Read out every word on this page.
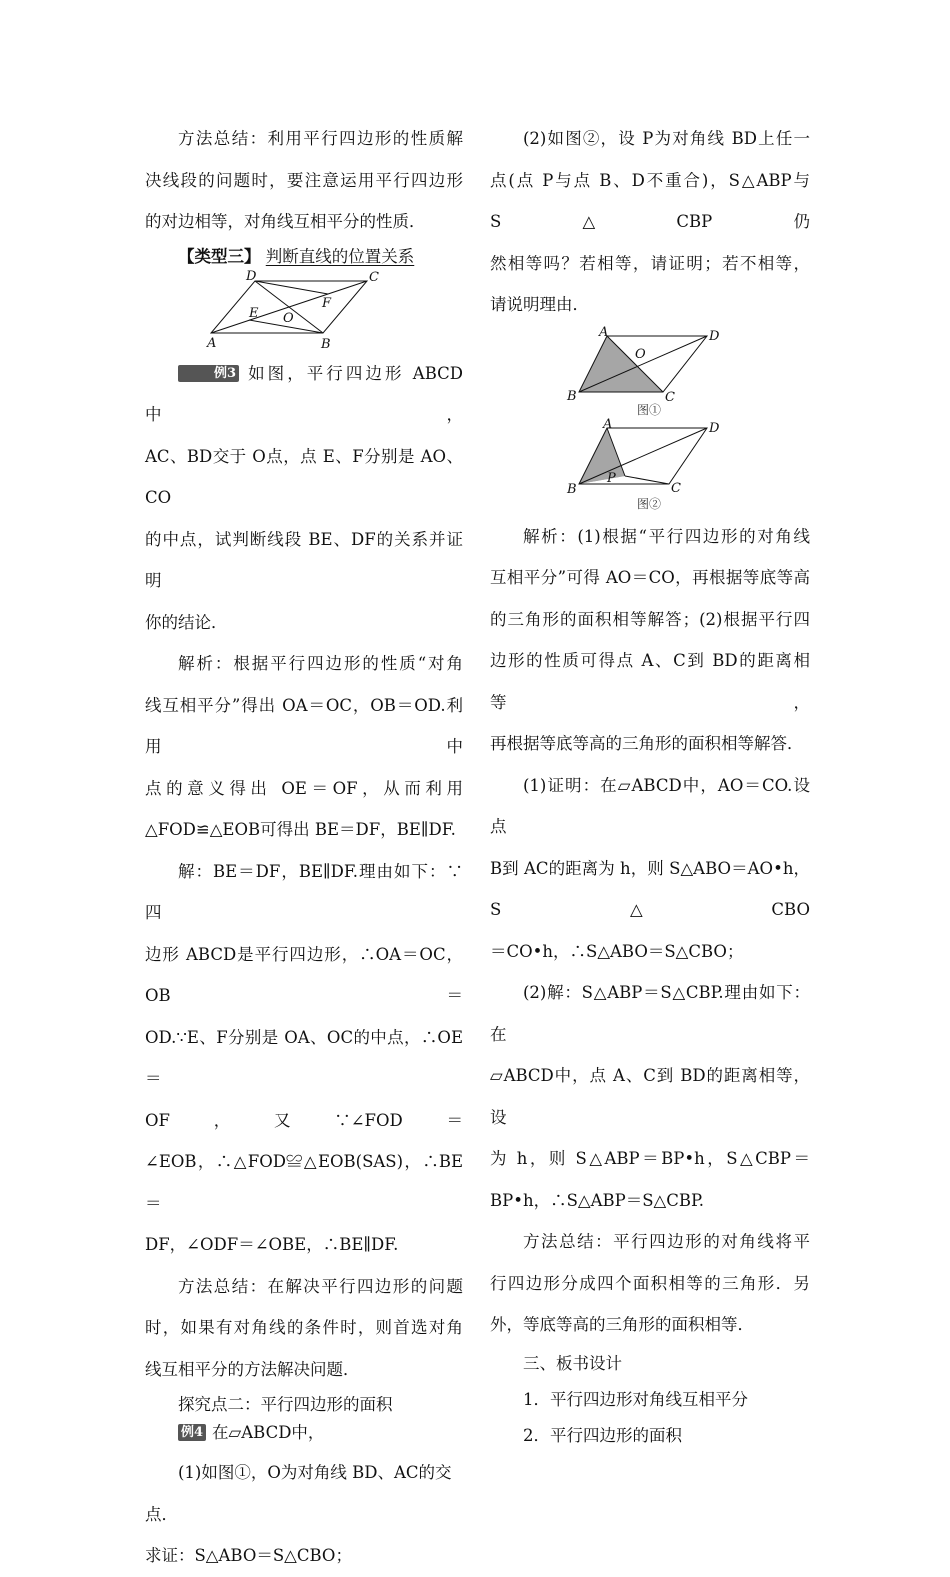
方法总结：利用平行四边形的性质解

决线段的问题时，要注意运用平行四边形

的对边相等，对角线互相平分的性质．

【类型三】 判断直线的位置关系

D	C
A	B
E O
F

例3 如图，平行四边形 ABCD 中，

AC、BD交于 O点，点 E、F分别是 AO、CO

的中点，试判断线段 BE、DF的关系并证明

你的结论．

解析：根据平行四边形的性质“对角

线互相平分”得出 OA＝OC，OB＝OD.利用中

点的意义得出 OE＝OF，从而利用

△FOD≌△EOB可得出 BE＝DF，BE∥DF.

解：BE＝DF，BE∥DF.理由如下：∵四

边形 ABCD是平行四边形，∴OA＝OC，OB＝

OD.∵E、F分别是 OA、OC的中点，∴OE＝

OF，又∵∠FOD＝

∠EOB，∴△FOD≌△EOB(SAS)，∴BE＝

DF，∠ODF＝∠OBE，∴BE∥DF.

方法总结：在解决平行四边形的问题

时，如果有对角线的条件时，则首选对角

线互相平分的方法解决问题．

探究点二：平行四边形的面积

例4 在▱ABCD中，

(1)如图①，O为对角线 BD、AC的交点．

求证：S△ABO＝S△CBO；

(2)如图②，设 P为对角线 BD上任一

点(点 P与点 B、D不重合)，S△ABP与 S△CBP仍

然相等吗？若相等，请证明；若不相等，

请说明理由．

A
O
D
B	C
图①
A	D
B
P
C
图②

解析：(1)根据“平行四边形的对角线

互相平分”可得 AO＝CO，再根据等底等高

的三角形的面积相等解答；(2)根据平行四

边形的性质可得点 A、C到 BD的距离相等，

再根据等底等高的三角形的面积相等解答．

(1)证明：在▱ABCD中，AO＝CO.设点

B到 AC的距离为 h，则 S△ABO＝AO•h，S△CBO

＝CO•h，∴S△ABO＝S△CBO；

(2)解：S△ABP＝S△CBP.理由如下：在

▱ABCD中，点 A、C到 BD的距离相等，设

为 h，则 S△ABP＝BP•h，S△CBP＝

BP•h，∴S△ABP＝S△CBP.

方法总结：平行四边形的对角线将平

行四边形分成四个面积相等的三角形．另

外，等底等高的三角形的面积相等．

三、板书设计

1．平行四边形对角线互相平分

2．平行四边形的面积
